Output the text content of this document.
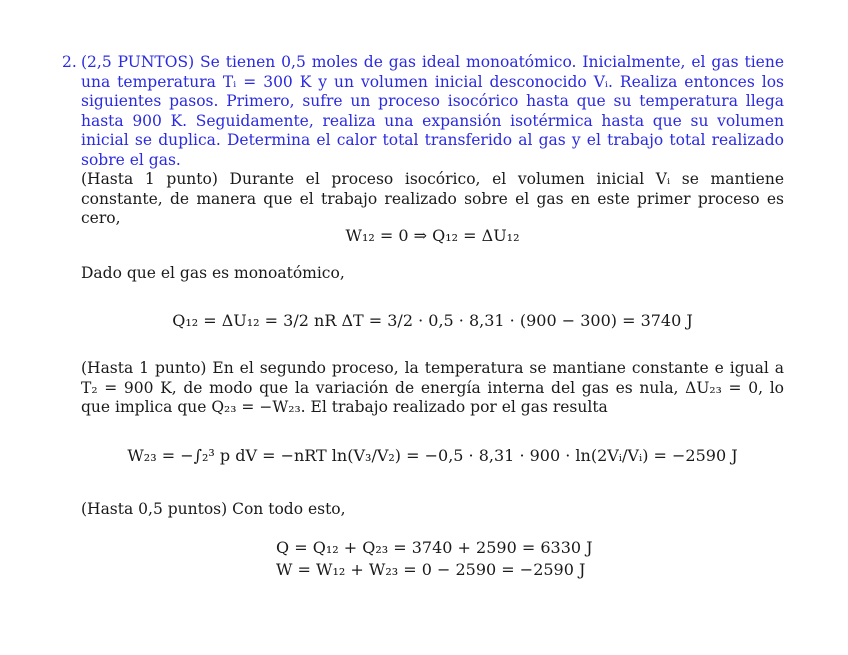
2. (2,5 PUNTOS) Se tienen 0,5 moles de gas ideal monoatómico. Inicialmente, el gas tiene una temperatura Tᵢ = 300 K y un volumen inicial desconocido Vᵢ. Realiza entonces los siguientes pasos. Primero, sufre un proceso isocórico hasta que su temperatura llega hasta 900 K. Seguidamente, realiza una expansión isotérmica hasta que su volumen inicial se duplica. Determina el calor total transferido al gas y el trabajo total realizado sobre el gas.
(Hasta 1 punto) Durante el proceso isocórico, el volumen inicial Vᵢ se mantiene constante, de manera que el trabajo realizado sobre el gas en este primer proceso es cero,
W₁₂ = 0 ⇒ Q₁₂ = ΔU₁₂
Dado que el gas es monoatómico,
Q₁₂ = ΔU₁₂ = 3/2 nR ΔT = 3/2 · 0,5 · 8,31 · (900 − 300) = 3740 J
(Hasta 1 punto) En el segundo proceso, la temperatura se mantiane constante e igual a T₂ = 900 K, de modo que la variación de energía interna del gas es nula, ΔU₂₃ = 0, lo que implica que Q₂₃ = −W₂₃. El trabajo realizado por el gas resulta
W₂₃ = −∫₂³ p dV = −nRT ln(V₃/V₂) = −0,5 · 8,31 · 900 · ln(2Vᵢ/Vᵢ) = −2590 J
(Hasta 0,5 puntos) Con todo esto,
Q = Q₁₂ + Q₂₃ = 3740 + 2590 = 6330 J
W = W₁₂ + W₂₃ = 0 − 2590 = −2590 J
